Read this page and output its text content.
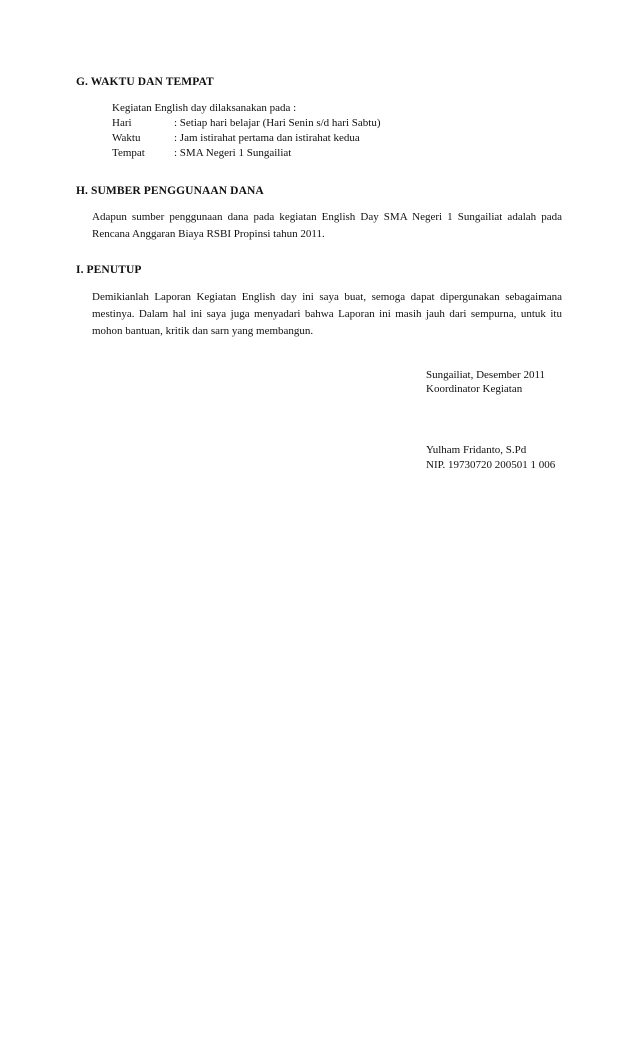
G. WAKTU DAN TEMPAT
Kegiatan English day dilaksanakan pada :
Hari	: Setiap hari belajar (Hari Senin s/d hari Sabtu)
Waktu	: Jam istirahat pertama dan istirahat kedua
Tempat	: SMA Negeri 1 Sungailiat
H. SUMBER PENGGUNAAN DANA
Adapun sumber penggunaan dana pada kegiatan English Day SMA Negeri 1 Sungailiat adalah pada
Rencana Anggaran Biaya RSBI Propinsi tahun 2011.
I. PENUTUP
Demikianlah Laporan Kegiatan English day ini saya buat, semoga dapat dipergunakan sebagaimana
mestinya. Dalam hal ini saya juga menyadari bahwa Laporan ini masih jauh dari sempurna, untuk itu
mohon bantuan, kritik dan sarn yang membangun.
Sungailiat, Desember 2011
Koordinator Kegiatan
Yulham Fridanto, S.Pd
NIP. 19730720 200501 1 006
